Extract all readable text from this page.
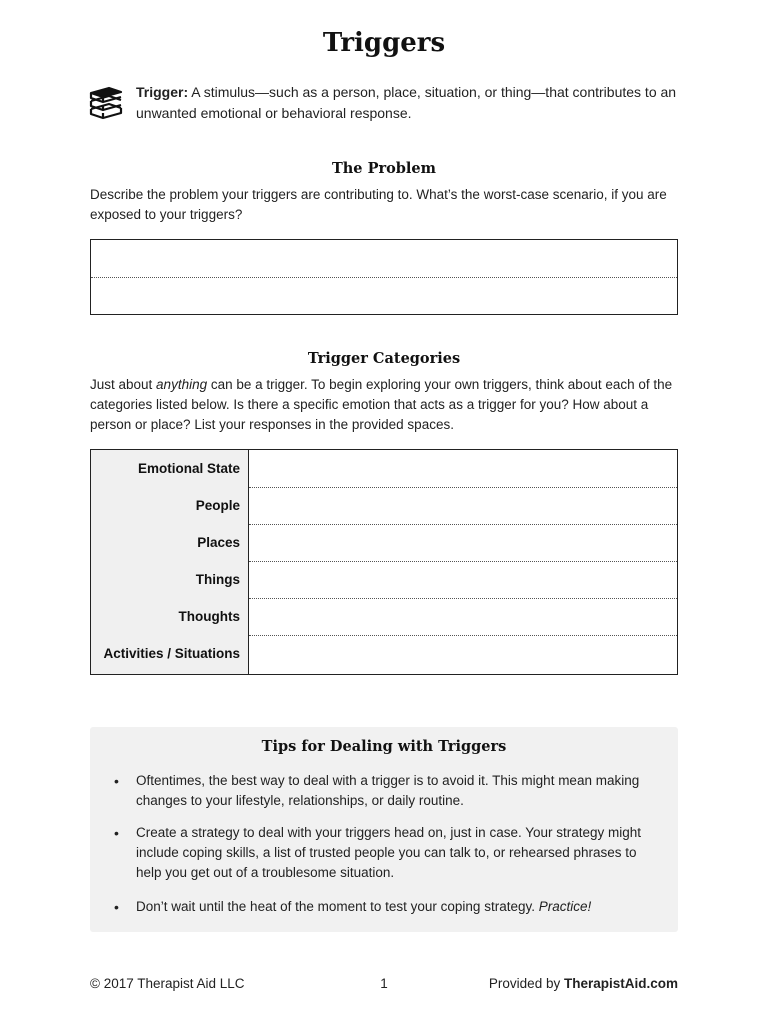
Triggers
Trigger: A stimulus—such as a person, place, situation, or thing—that contributes to an unwanted emotional or behavioral response.
The Problem
Describe the problem your triggers are contributing to. What’s the worst-case scenario, if you are exposed to your triggers?
Trigger Categories
Just about anything can be a trigger. To begin exploring your own triggers, think about each of the categories listed below. Is there a specific emotion that acts as a trigger for you? How about a person or place? List your responses in the provided spaces.
Emotional State
People
Places
Things
Thoughts
Activities / Situations
Tips for Dealing with Triggers
• Oftentimes, the best way to deal with a trigger is to avoid it. This might mean making changes to your lifestyle, relationships, or daily routine.
• Create a strategy to deal with your triggers head on, just in case. Your strategy might include coping skills, a list of trusted people you can talk to, or rehearsed phrases to help you get out of a troublesome situation.
• Don’t wait until the heat of the moment to test your coping strategy. Practice!
© 2017 Therapist Aid LLC	1	Provided by TherapistAid.com
